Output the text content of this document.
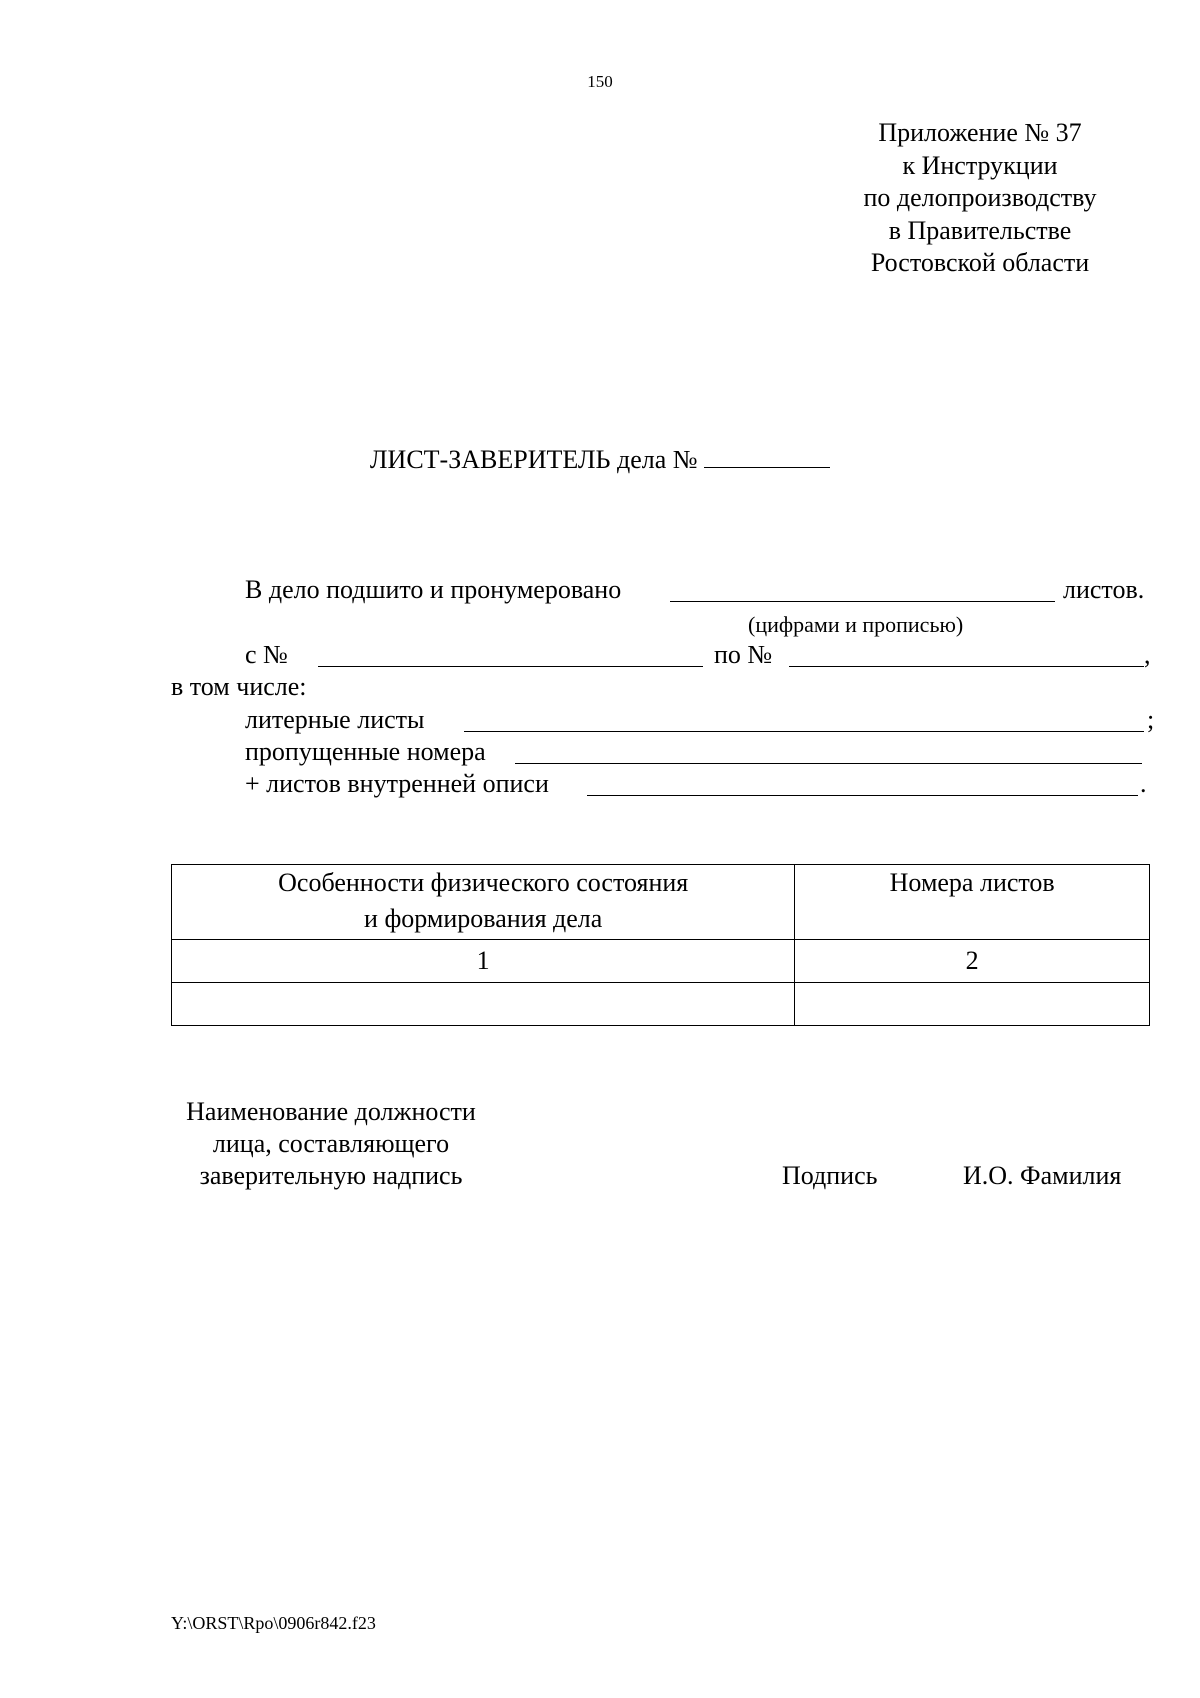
150
Приложение № 37
к Инструкции
по делопроизводству
в Правительстве
Ростовской области
ЛИСТ-ЗАВЕРИТЕЛЬ дела №
В дело подшито и пронумеровано	листов.
(цифрами и прописью)
с №	по №	,
в том числе:
литерные листы	;
пропущенные номера
+ листов внутренней описи	.
Особенности физического состояния
и формирования дела	Номера листов
1	2

Наименование должности
лица, составляющего
заверительную надпись	Подпись	И.О. Фамилия
Y:\ORST\Rpo\0906r842.f23
